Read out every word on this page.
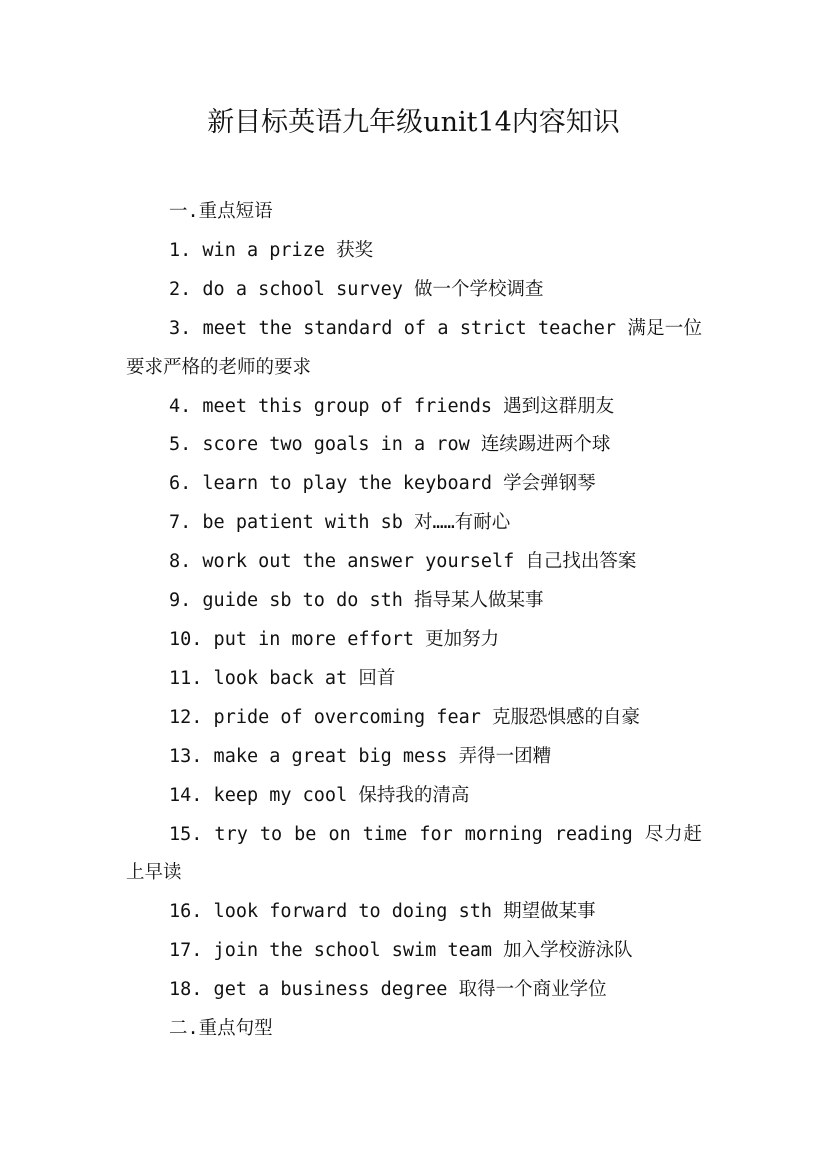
新目标英语九年级unit14内容知识

一.重点短语

1. win a prize 获奖

2. do a school survey 做一个学校调查

3. meet the standard of a strict teacher 满足一位要求严格的老师的要求

4. meet this group of friends 遇到这群朋友

5. score two goals in a row 连续踢进两个球

6. learn to play the keyboard 学会弹钢琴

7. be patient with sb 对……有耐心

8. work out the answer yourself 自己找出答案

9. guide sb to do sth 指导某人做某事

10. put in more effort 更加努力

11. look back at 回首

12. pride of overcoming fear 克服恐惧感的自豪

13. make a great big mess 弄得一团糟

14. keep my cool 保持我的清高

15. try to be on time for morning reading 尽力赶上早读

16. look forward to doing sth 期望做某事

17. join the school swim team 加入学校游泳队

18. get a business degree 取得一个商业学位

二.重点句型
